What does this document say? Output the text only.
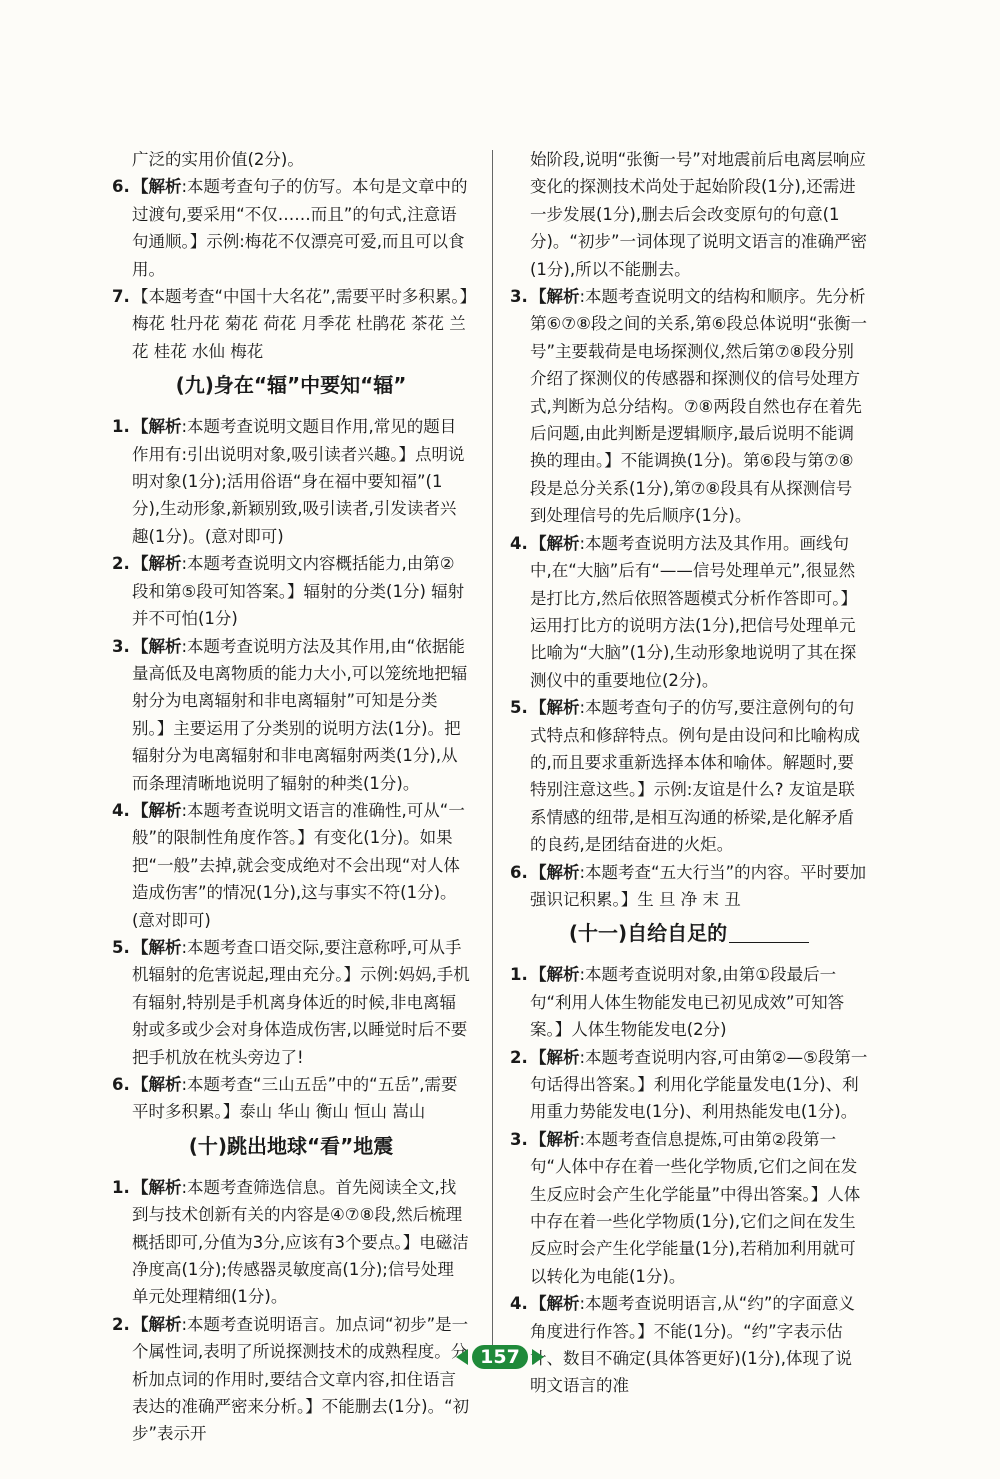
广泛的实用价值(2分)。

6. 【解析:本题考查句子的仿写。本句是文章中的过渡句,要采用“不仅……而且”的句式,注意语句通顺。】示例:梅花不仅漂亮可爱,而且可以食用。

7. 【本题考查“中国十大名花”,需要平时多积累。】梅花 牡丹花 菊花 荷花 月季花 杜鹃花 茶花 兰花 桂花 水仙 梅花

(九)身在“辐”中要知“辐”

1. 【解析:本题考查说明文题目作用,常见的题目作用有:引出说明对象,吸引读者兴趣。】点明说明对象(1分);活用俗语“身在福中要知福”(1分),生动形象,新颖别致,吸引读者,引发读者兴趣(1分)。(意对即可)

2. 【解析:本题考查说明文内容概括能力,由第②段和第⑤段可知答案。】辐射的分类(1分) 辐射并不可怕(1分)

3. 【解析:本题考查说明方法及其作用,由“依据能量高低及电离物质的能力大小,可以笼统地把辐射分为电离辐射和非电离辐射”可知是分类别。】主要运用了分类别的说明方法(1分)。把辐射分为电离辐射和非电离辐射两类(1分),从而条理清晰地说明了辐射的种类(1分)。

4. 【解析:本题考查说明文语言的准确性,可从“一般”的限制性角度作答。】有变化(1分)。如果把“一般”去掉,就会变成绝对不会出现“对人体造成伤害”的情况(1分),这与事实不符(1分)。(意对即可)

5. 【解析:本题考查口语交际,要注意称呼,可从手机辐射的危害说起,理由充分。】示例:妈妈,手机有辐射,特别是手机离身体近的时候,非电离辐射或多或少会对身体造成伤害,以睡觉时后不要把手机放在枕头旁边了!

6. 【解析:本题考查“三山五岳”中的“五岳”,需要平时多积累。】泰山 华山 衡山 恒山 嵩山

(十)跳出地球“看”地震

1. 【解析:本题考查筛选信息。首先阅读全文,找到与技术创新有关的内容是④⑦⑧段,然后梳理概括即可,分值为3分,应该有3个要点。】电磁洁净度高(1分);传感器灵敏度高(1分);信号处理单元处理精细(1分)。

2. 【解析:本题考查说明语言。加点词“初步”是一个属性词,表明了所说探测技术的成熟程度。分析加点词的作用时,要结合文章内容,扣住语言表达的准确严密来分析。】不能删去(1分)。“初步”表示开

始阶段,说明“张衡一号”对地震前后电离层响应变化的探测技术尚处于起始阶段(1分),还需进一步发展(1分),删去后会改变原句的句意(1分)。“初步”一词体现了说明文语言的准确严密(1分),所以不能删去。

3. 【解析:本题考查说明文的结构和顺序。先分析第⑥⑦⑧段之间的关系,第⑥段总体说明“张衡一号”主要载荷是电场探测仪,然后第⑦⑧段分别介绍了探测仪的传感器和探测仪的信号处理方式,判断为总分结构。⑦⑧两段自然也存在着先后问题,由此判断是逻辑顺序,最后说明不能调换的理由。】不能调换(1分)。第⑥段与第⑦⑧段是总分关系(1分),第⑦⑧段具有从探测信号到处理信号的先后顺序(1分)。

4. 【解析:本题考查说明方法及其作用。画线句中,在“大脑”后有“——信号处理单元”,很显然是打比方,然后依照答题模式分析作答即可。】运用打比方的说明方法(1分),把信号处理单元比喻为“大脑”(1分),生动形象地说明了其在探测仪中的重要地位(2分)。

5. 【解析:本题考查句子的仿写,要注意例句的句式特点和修辞特点。例句是由设问和比喻构成的,而且要求重新选择本体和喻体。解题时,要特别注意这些。】示例:友谊是什么? 友谊是联系情感的纽带,是相互沟通的桥梁,是化解矛盾的良药,是团结奋进的火炬。

6. 【解析:本题考查“五大行当”的内容。平时要加强识记积累。】生 旦 净 末 丑

(十一)自给自足的

1. 【解析:本题考查说明对象,由第①段最后一句“利用人体生物能发电已初见成效”可知答案。】人体生物能发电(2分)

2. 【解析:本题考查说明内容,可由第②—⑤段第一句话得出答案。】利用化学能量发电(1分)、利用重力势能发电(1分)、利用热能发电(1分)。

3. 【解析:本题考查信息提炼,可由第②段第一句“人体中存在着一些化学物质,它们之间在发生反应时会产生化学能量”中得出答案。】人体中存在着一些化学物质(1分),它们之间在发生反应时会产生化学能量(1分),若稍加利用就可以转化为电能(1分)。

4. 【解析:本题考查说明语言,从“约”的字面意义角度进行作答。】不能(1分)。“约”字表示估计、数目不确定(具体答更好)(1分),体现了说明文语言的准

157
